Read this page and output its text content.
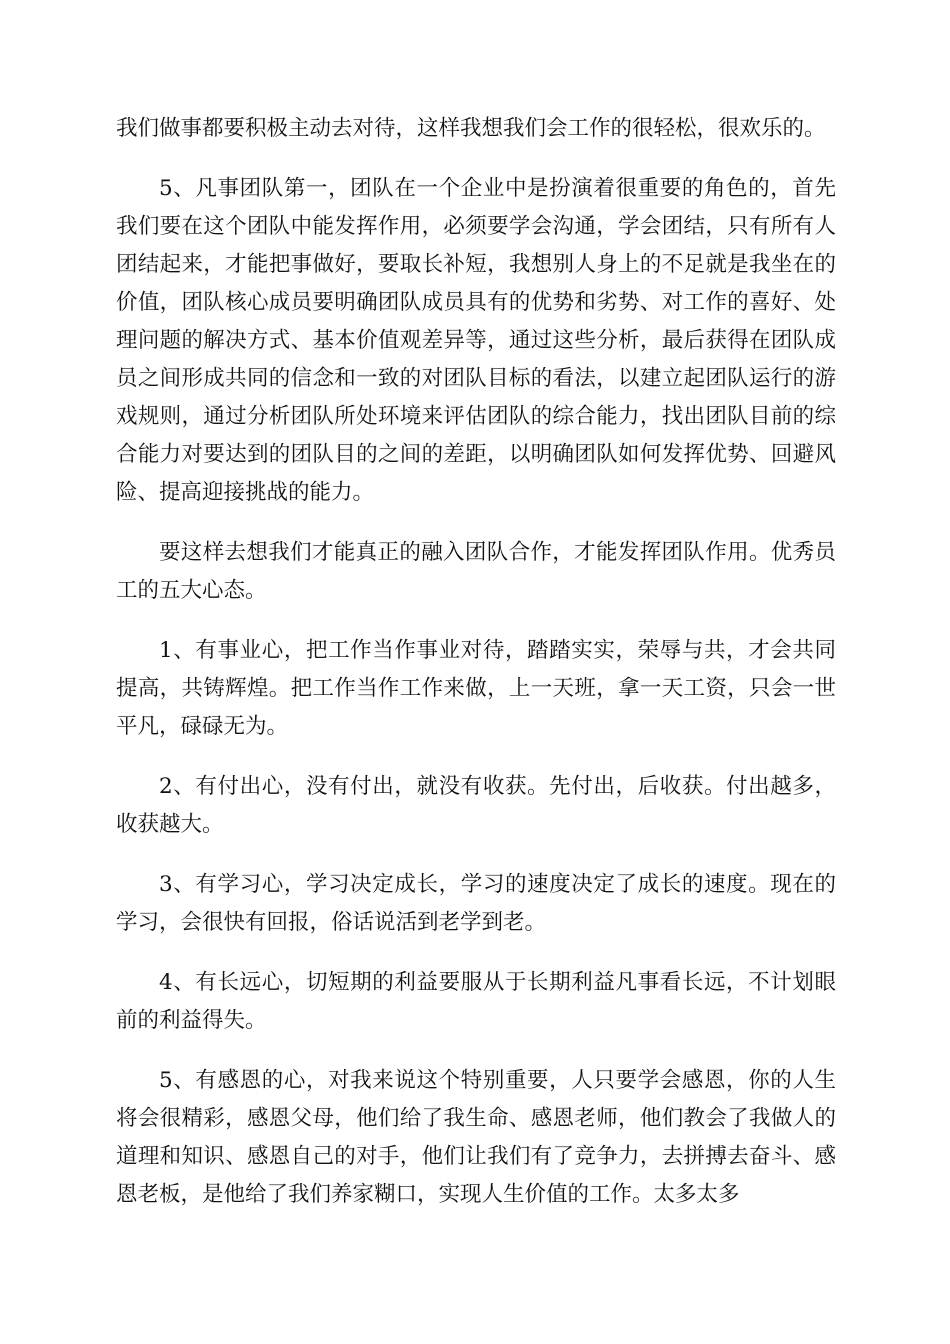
我们做事都要积极主动去对待，这样我想我们会工作的很轻松，很欢乐的。

5、凡事团队第一，团队在一个企业中是扮演着很重要的角色的，首先我们要在这个团队中能发挥作用，必须要学会沟通，学会团结，只有所有人团结起来，才能把事做好，要取长补短，我想别人身上的不足就是我坐在的价值，团队核心成员要明确团队成员具有的优势和劣势、对工作的喜好、处理问题的解决方式、基本价值观差异等，通过这些分析，最后获得在团队成员之间形成共同的信念和一致的对团队目标的看法，以建立起团队运行的游戏规则，通过分析团队所处环境来评估团队的综合能力，找出团队目前的综合能力对要达到的团队目的之间的差距，以明确团队如何发挥优势、回避风险、提高迎接挑战的能力。

要这样去想我们才能真正的融入团队合作，才能发挥团队作用。优秀员工的五大心态。

1、有事业心，把工作当作事业对待，踏踏实实，荣辱与共，才会共同提高，共铸辉煌。把工作当作工作来做，上一天班，拿一天工资，只会一世平凡，碌碌无为。

2、有付出心，没有付出，就没有收获。先付出，后收获。付出越多，收获越大。

3、有学习心，学习决定成长，学习的速度决定了成长的速度。现在的学习，会很快有回报，俗话说活到老学到老。

4、有长远心，切短期的利益要服从于长期利益凡事看长远，不计划眼前的利益得失。

5、有感恩的心，对我来说这个特别重要，人只要学会感恩，你的人生将会很精彩，感恩父母，他们给了我生命、感恩老师，他们教会了我做人的道理和知识、感恩自己的对手，他们让我们有了竞争力，去拼搏去奋斗、感恩老板，是他给了我们养家糊口，实现人生价值的工作。太多太多
